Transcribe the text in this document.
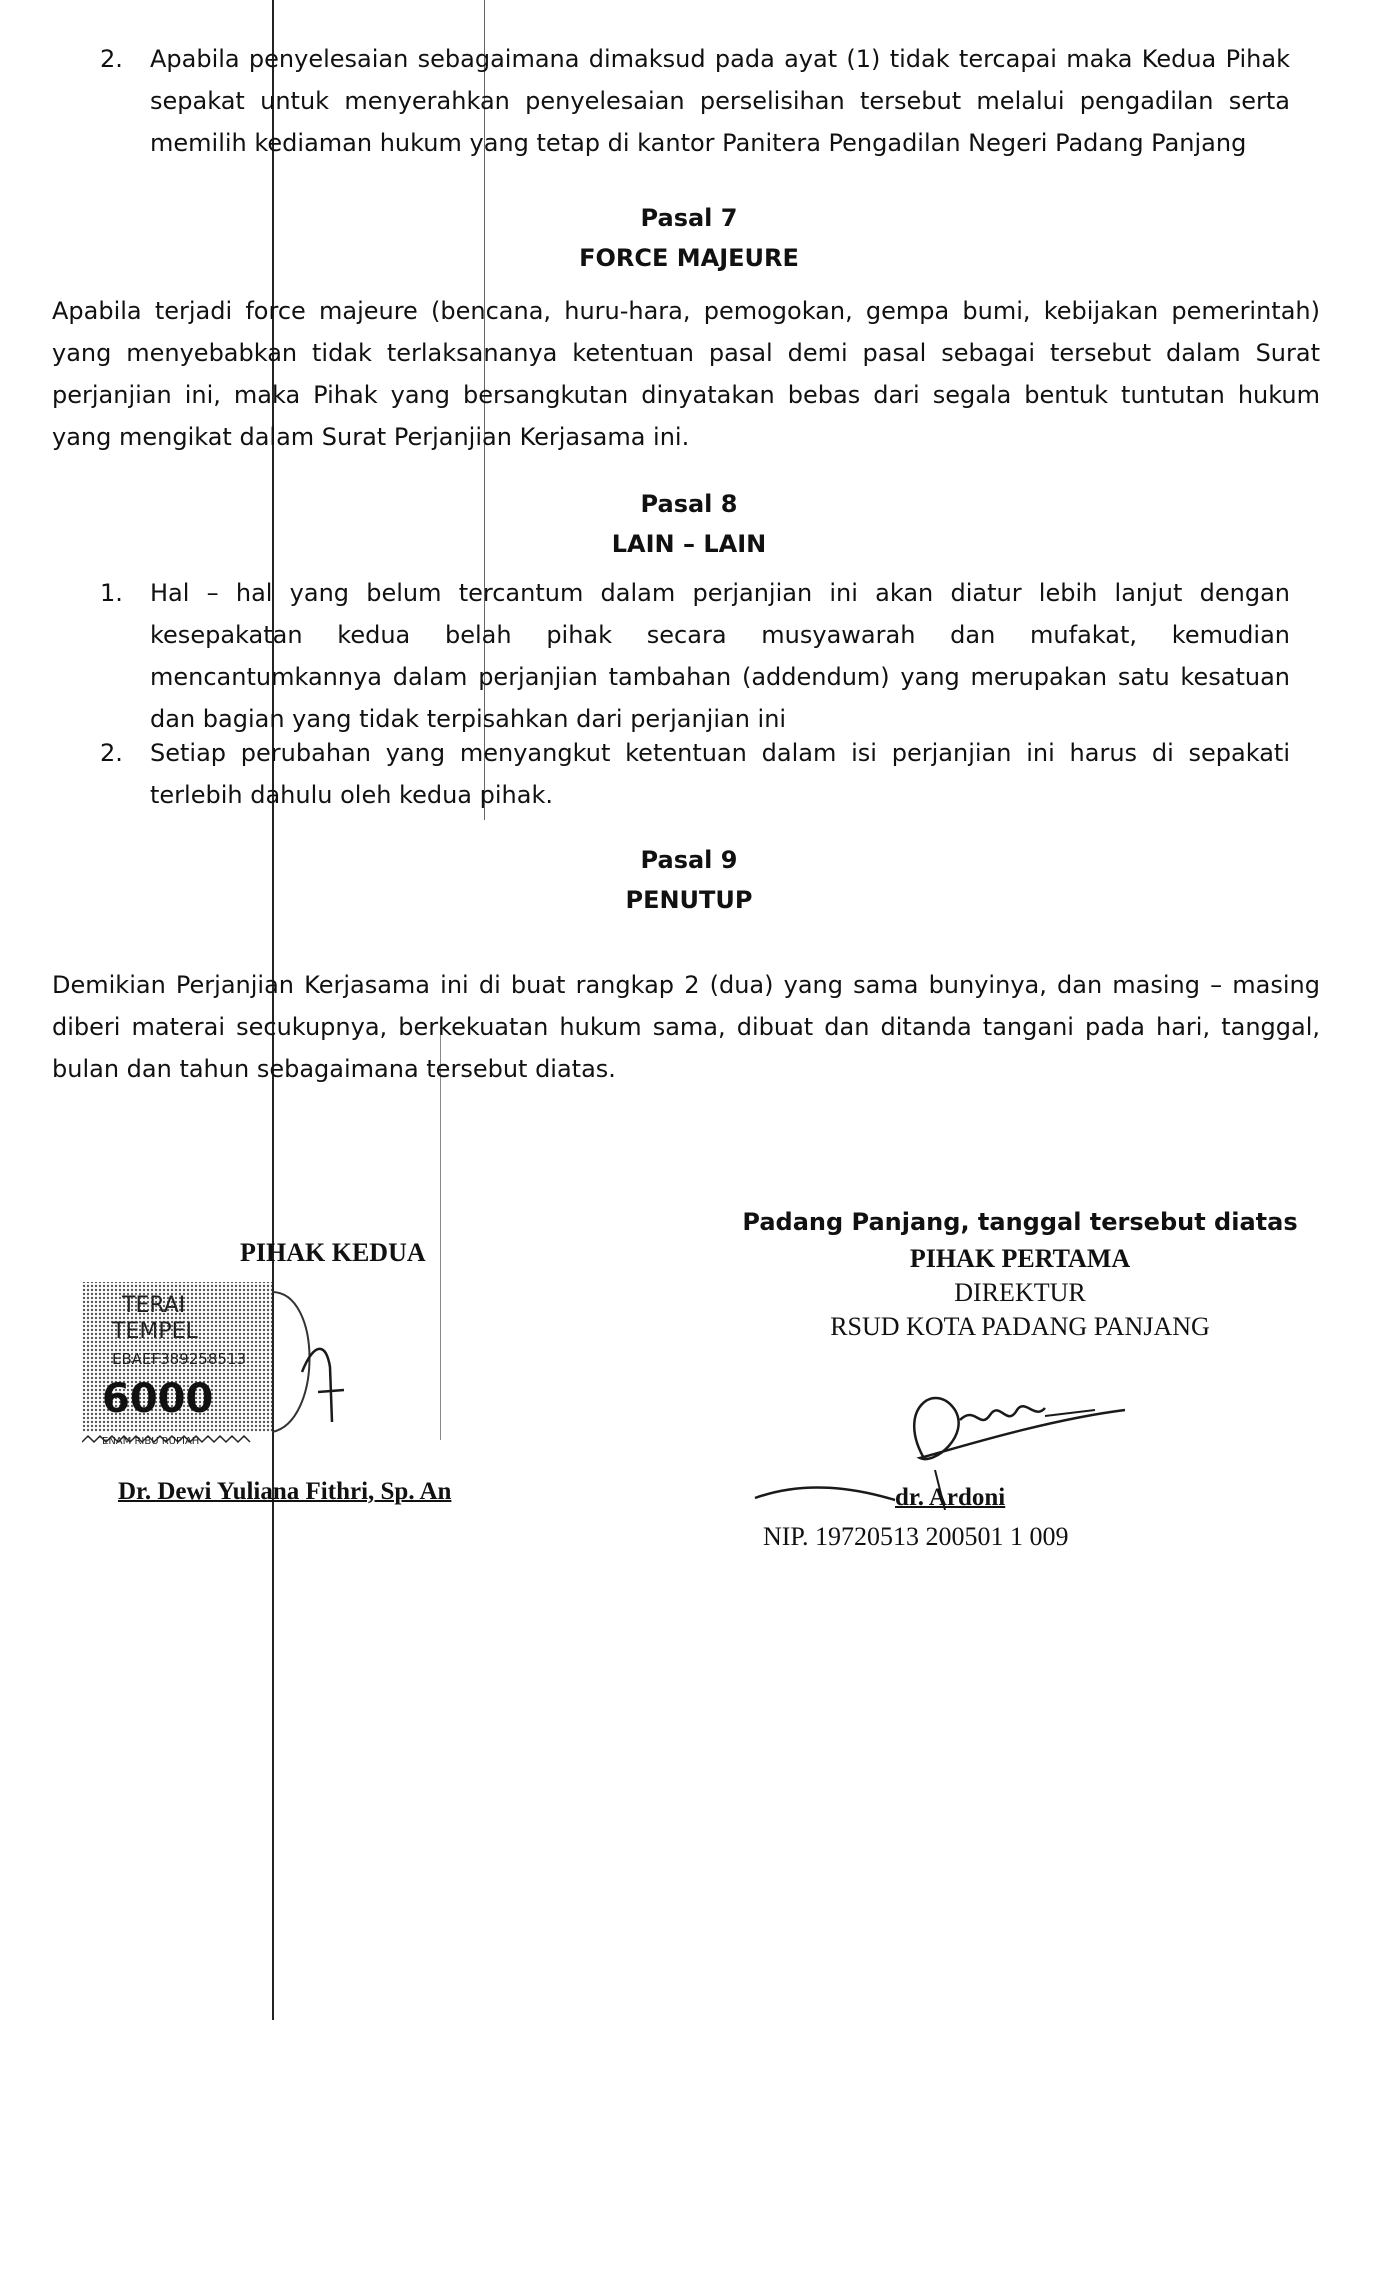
2. Apabila penyelesaian sebagaimana dimaksud pada ayat (1) tidak tercapai maka Kedua Pihak sepakat untuk menyerahkan penyelesaian perselisihan tersebut melalui pengadilan serta memilih kediaman hukum yang tetap di kantor Panitera Pengadilan Negeri Padang Panjang
Pasal 7
FORCE MAJEURE
Apabila terjadi force majeure (bencana, huru-hara, pemogokan, gempa bumi, kebijakan pemerintah) yang menyebabkan tidak terlaksananya ketentuan pasal demi pasal sebagai tersebut dalam Surat perjanjian ini, maka Pihak yang bersangkutan dinyatakan bebas dari segala bentuk tuntutan hukum yang mengikat dalam Surat Perjanjian Kerjasama ini.
Pasal 8
LAIN – LAIN
1. Hal – hal yang belum tercantum dalam perjanjian ini akan diatur lebih lanjut dengan kesepakatan kedua belah pihak secara musyawarah dan mufakat, kemudian mencantumkannya dalam perjanjian tambahan (addendum) yang merupakan satu kesatuan dan bagian yang tidak terpisahkan dari perjanjian ini
2. Setiap perubahan yang menyangkut ketentuan dalam isi perjanjian ini harus di sepakati terlebih dahulu oleh kedua pihak.
Pasal 9
PENUTUP
Demikian Perjanjian Kerjasama ini di buat rangkap 2 (dua) yang sama bunyinya, dan masing – masing diberi materai secukupnya, berkekuatan hukum sama, dibuat dan ditanda tangani pada hari, tanggal, bulan dan tahun sebagaimana tersebut diatas.
Padang Panjang, tanggal tersebut diatas
PIHAK KEDUA	PIHAK PERTAMA
DIREKTUR
RSUD KOTA PADANG PANJANG
TERAI
TEMPEL
EBAEF389258513
6000
ENAM RIBU RUPIAH
Dr. Dewi Yuliana Fithri, Sp. An	dr. Ardoni
NIP. 19720513 200501 1 009
